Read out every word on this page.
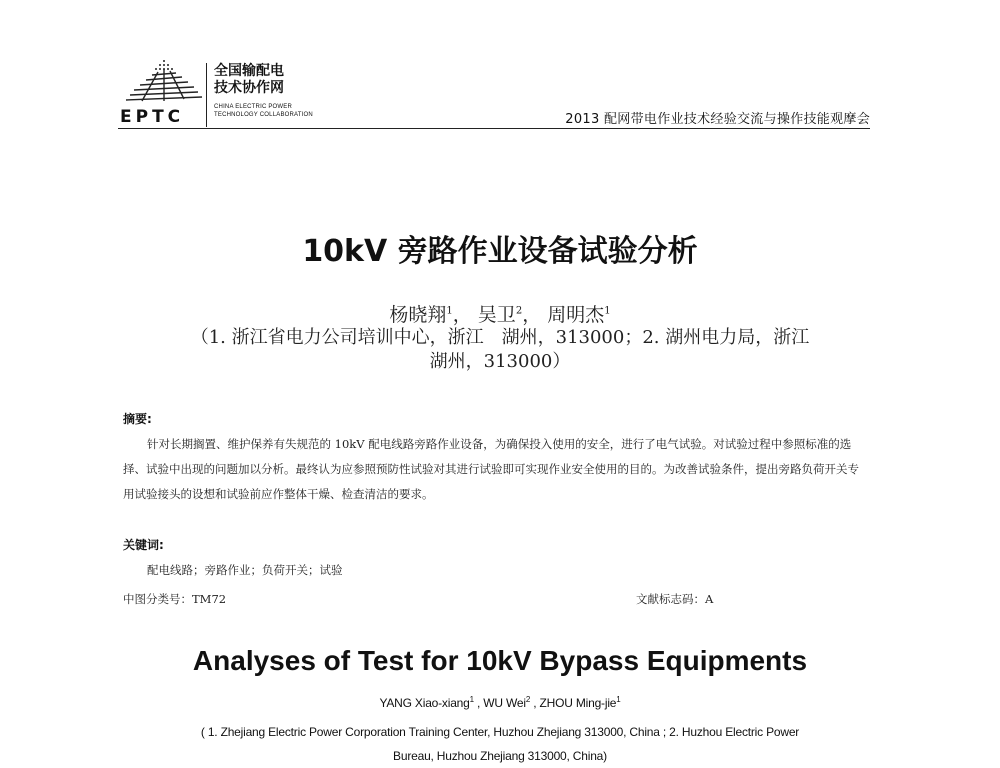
EPTC
全国输配电
技术协作网
CHINA ELECTRIC POWER
TECHNOLOGY COLLABORATION	2013 配网带电作业技术经验交流与操作技能观摩会
10kV 旁路作业设备试验分析
杨晓翔$^1$， 吴卫$^2$， 周明杰$^1$
（1. 浙江省电力公司培训中心，浙江　湖州，313000；2. 湖州电力局，浙江
湖州，313000）
摘要:

针对长期搁置、维护保养有失规范的 10kV 配电线路旁路作业设备，为确保投入使用的安全，进行了电气试验。对试验过程中参照标准的选择、试验中出现的问题加以分析。最终认为应参照预防性试验对其进行试验即可实现作业安全使用的目的。为改善试验条件，提出旁路负荷开关专用试验接头的设想和试验前应作整体干燥、检查清洁的要求。

关键词:
配电线路；旁路作业；负荷开关；试验
中图分类号：TM72	文献标志码：A
Analyses of Test for 10kV Bypass Equipments
YANG Xiao-xiang$^1$ , WU Wei$^2$ , ZHOU Ming-jie$^1$
( 1. Zhejiang Electric Power Corporation Training Center, Huzhou Zhejiang 313000, China ; 2. Huzhou Electric Power
Bureau, Huzhou Zhejiang 313000, China)
